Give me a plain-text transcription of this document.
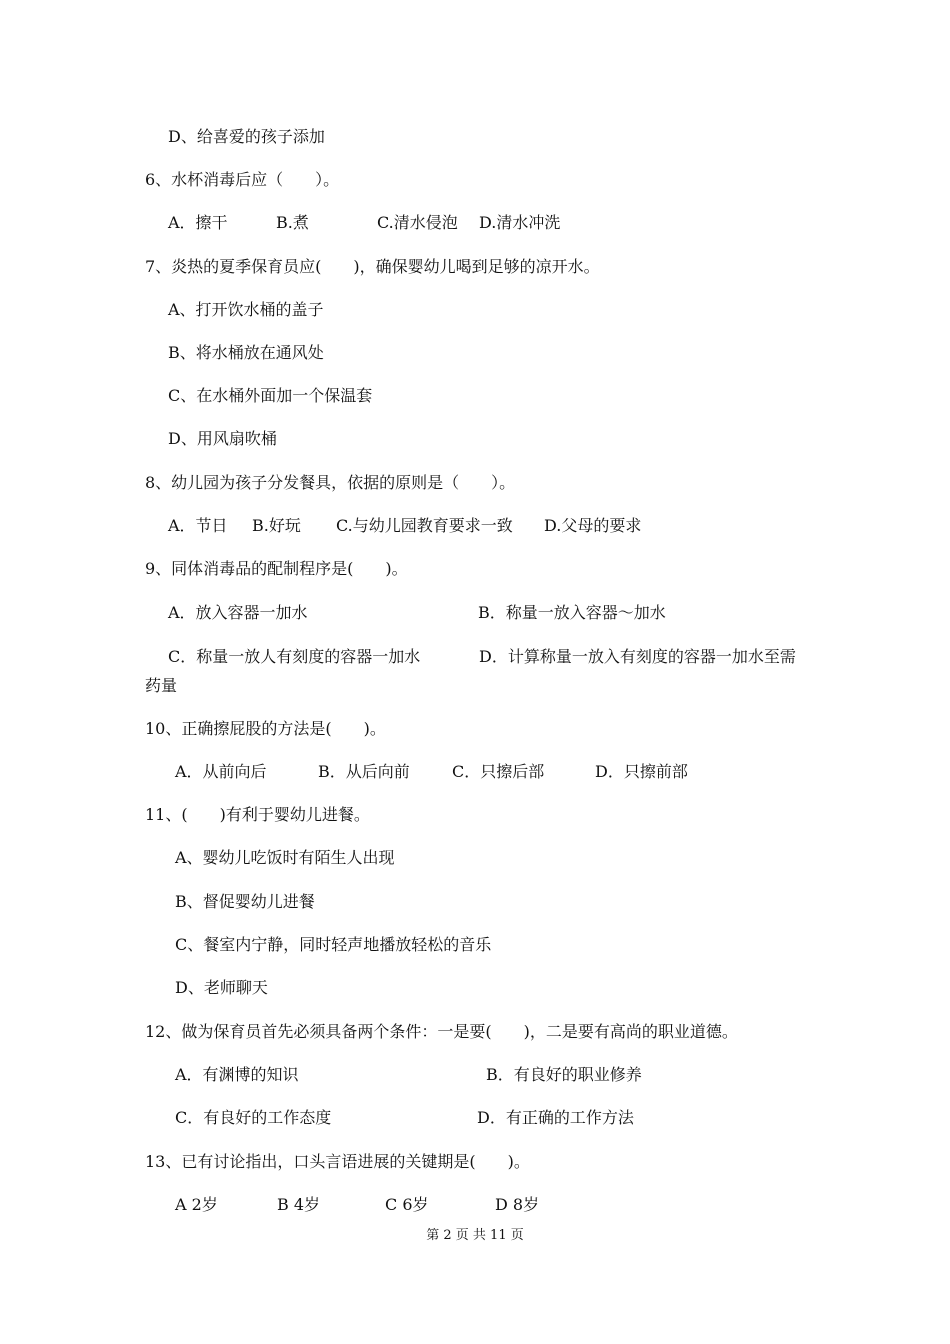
D、给喜爱的孩子添加
6、水杯消毒后应（　　）。
A．擦干	B.煮	C.清水侵泡 D.清水冲洗
7、炎热的夏季保育员应(　　)，确保婴幼儿喝到足够的凉开水。
A、打开饮水桶的盖子
B、将水桶放在通风处
C、在水桶外面加一个保温套
D、用风扇吹桶
8、幼儿园为孩子分发餐具，依据的原则是（　　）。
A．节日 B.好玩 C.与幼儿园教育要求一致 D.父母的要求
9、同体消毒品的配制程序是(　　)。
A．放入容器一加水	B．称量一放入容器～加水
C．称量一放人有刻度的容器一加水	D．计算称量一放入有刻度的容器一加水至需
药量
10、正确擦屁股的方法是(　　)。
A．从前向后	B．从后向前	C．只擦后部	D．只擦前部
11、(　　)有利于婴幼儿进餐。
A、婴幼儿吃饭时有陌生人出现
B、督促婴幼儿进餐
C、餐室内宁静，同时轻声地播放轻松的音乐
D、老师聊天
12、做为保育员首先必须具备两个条件：一是要(　　)，二是要有高尚的职业道德。
A．有渊博的知识	B．有良好的职业修养
C．有良好的工作态度	D．有正确的工作方法
13、已有讨论指出，口头言语进展的关键期是(　　)。
A 2岁	B 4岁	C 6岁	D 8岁
第 2 页 共 11 页
